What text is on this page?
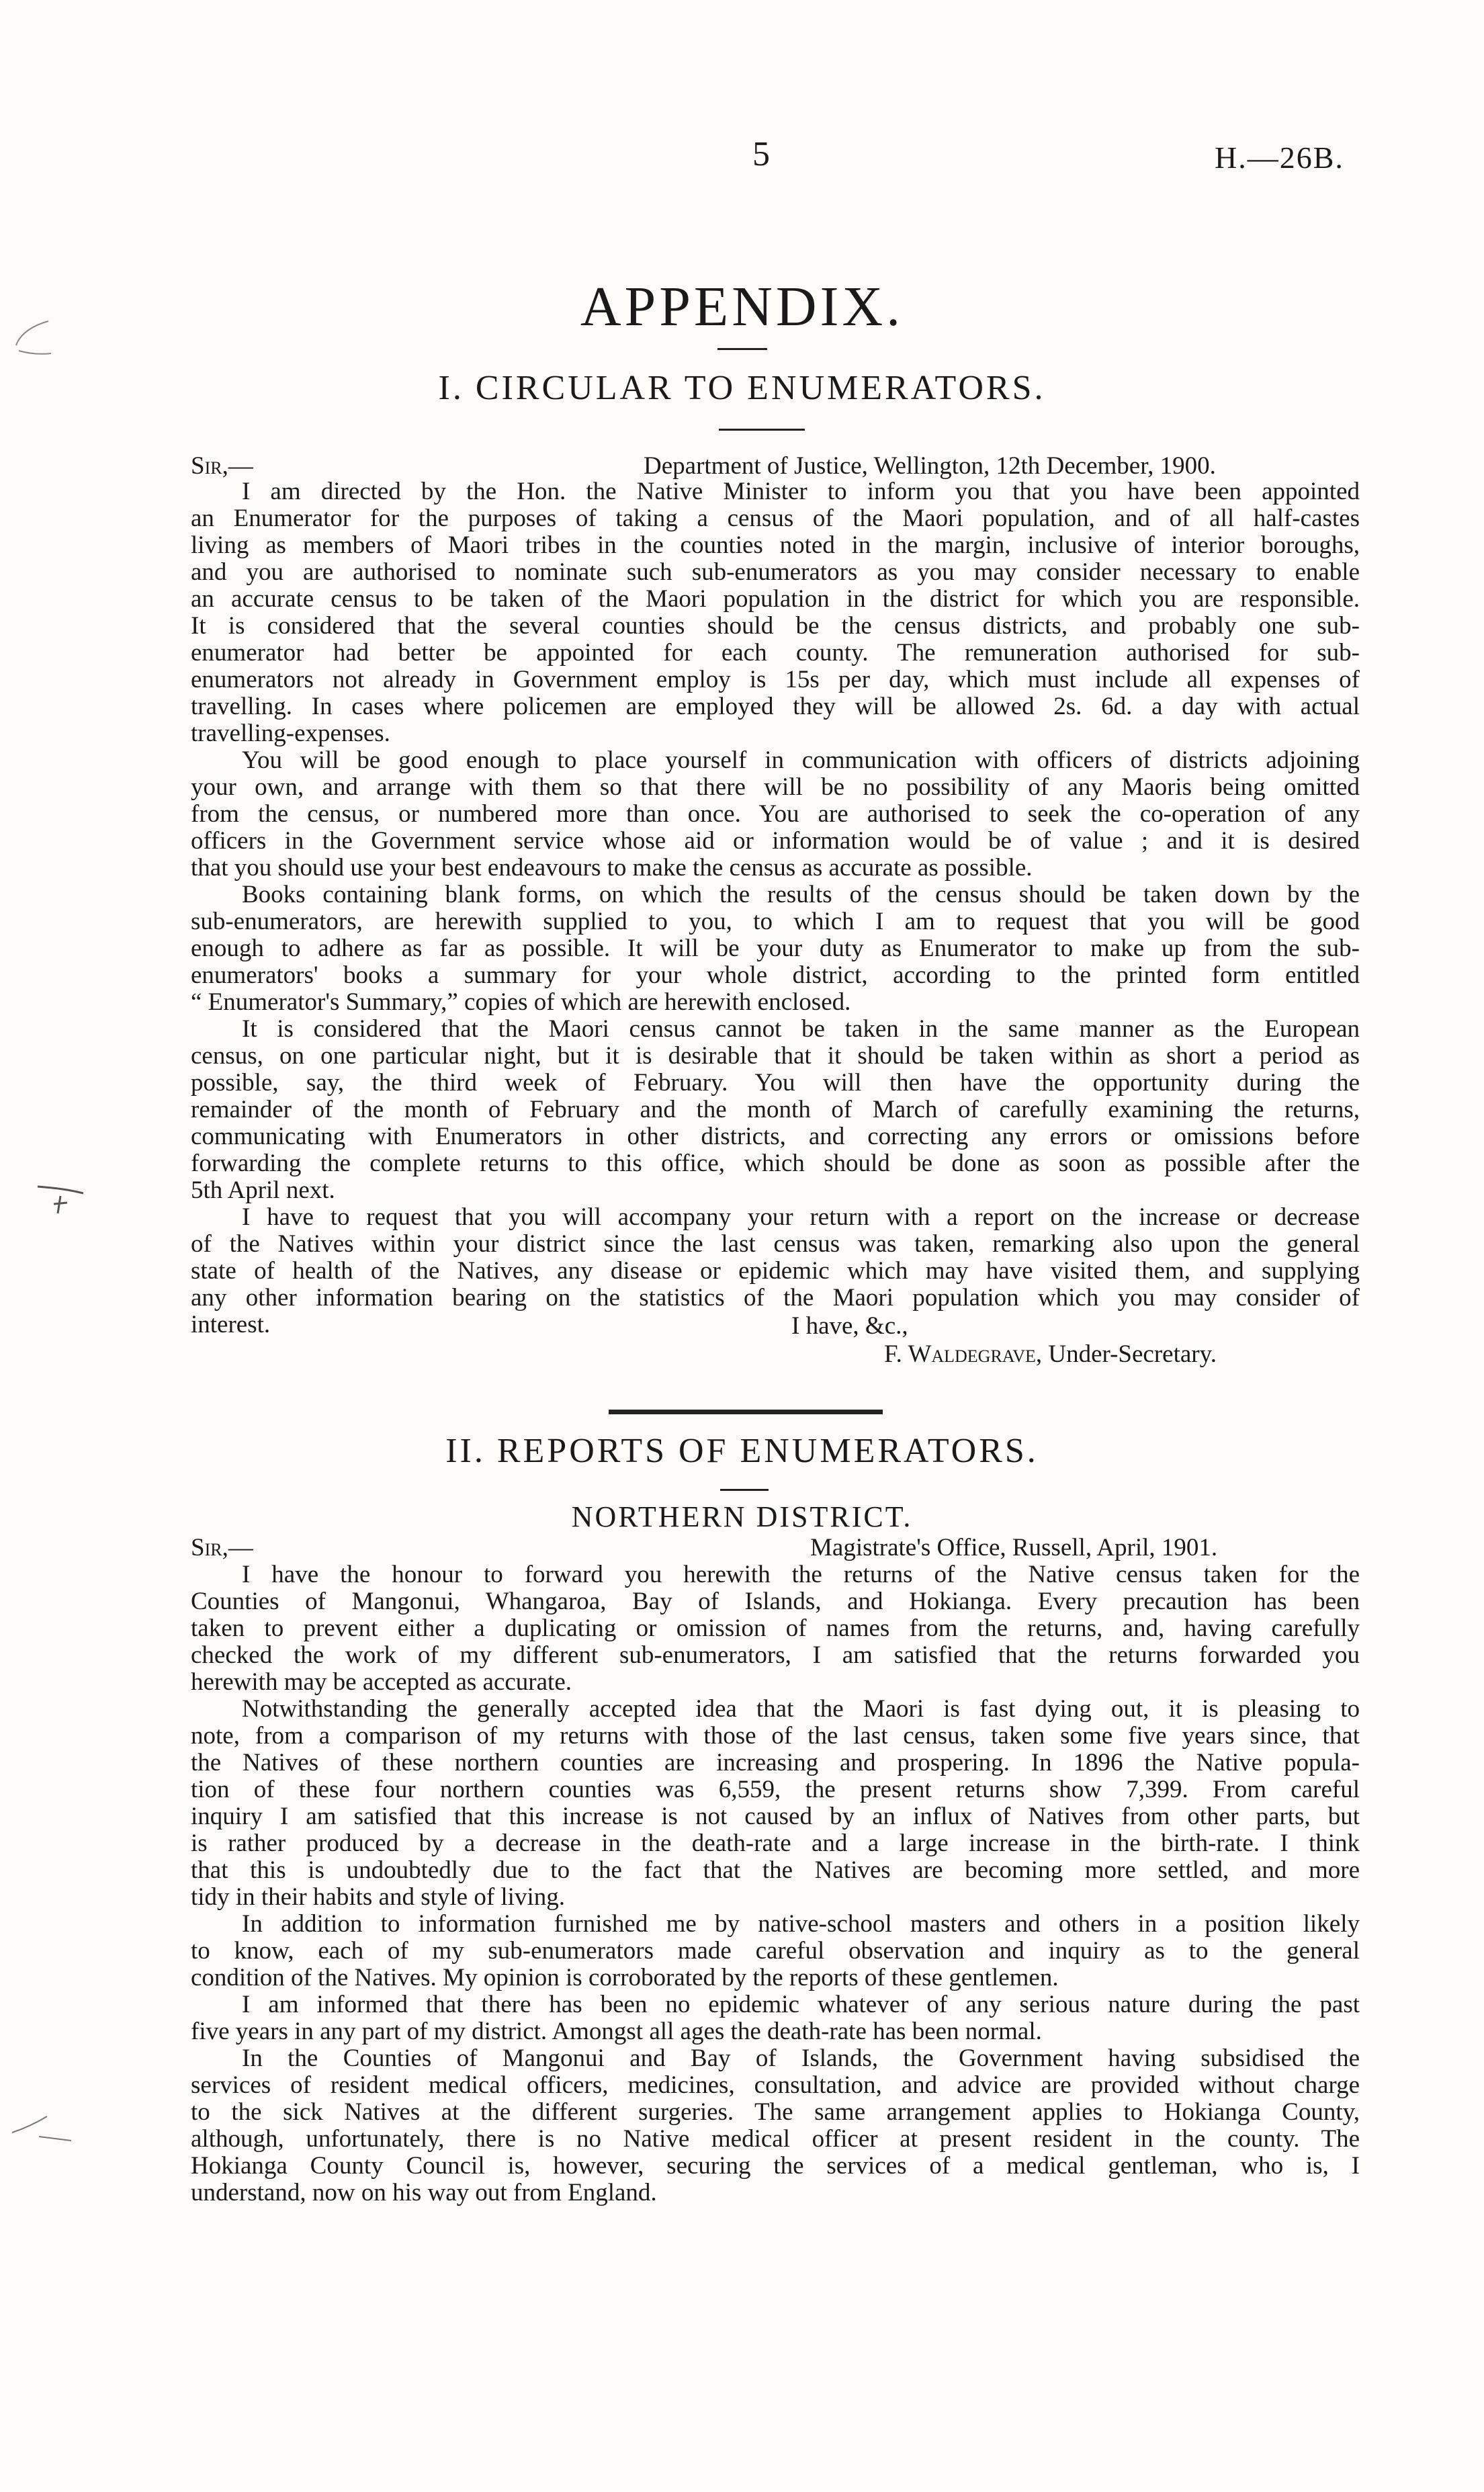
5	H.—26B.
APPENDIX.
I. CIRCULAR TO ENUMERATORS.
Sir,—	Department of Justice, Wellington, 12th December, 1900.
I am directed by the Hon. the Native Minister to inform you that you have been appointed
an Enumerator for the purposes of taking a census of the Maori population, and of all half-castes
living as members of Maori tribes in the counties noted in the margin, inclusive of interior boroughs,
and you are authorised to nominate such sub-enumerators as you may consider necessary to enable
an accurate census to be taken of the Maori population in the district for which you are responsible.
It is considered that the several counties should be the census districts, and probably one sub-
enumerator had better be appointed for each county. The remuneration authorised for sub-
enumerators not already in Government employ is 15s per day, which must include all expenses of
travelling. In cases where policemen are employed they will be allowed 2s. 6d. a day with actual
travelling-expenses.
You will be good enough to place yourself in communication with officers of districts adjoining
your own, and arrange with them so that there will be no possibility of any Maoris being omitted
from the census, or numbered more than once. You are authorised to seek the co-operation of any
officers in the Government service whose aid or information would be of value ; and it is desired
that you should use your best endeavours to make the census as accurate as possible.
Books containing blank forms, on which the results of the census should be taken down by the
sub-enumerators, are herewith supplied to you, to which I am to request that you will be good
enough to adhere as far as possible. It will be your duty as Enumerator to make up from the sub-
enumerators' books a summary for your whole district, according to the printed form entitled
“ Enumerator's Summary,” copies of which are herewith enclosed.
It is considered that the Maori census cannot be taken in the same manner as the European
census, on one particular night, but it is desirable that it should be taken within as short a period as
possible, say, the third week of February. You will then have the opportunity during the
remainder of the month of February and the month of March of carefully examining the returns,
communicating with Enumerators in other districts, and correcting any errors or omissions before
forwarding the complete returns to this office, which should be done as soon as possible after the
5th April next.
I have to request that you will accompany your return with a report on the increase or decrease
of the Natives within your district since the last census was taken, remarking also upon the general
state of health of the Natives, any disease or epidemic which may have visited them, and supplying
any other information bearing on the statistics of the Maori population which you may consider of
interest.	I have, &c.,
F. Waldegrave, Under-Secretary.
II. REPORTS OF ENUMERATORS.
NORTHERN DISTRICT.
Sir,—	Magistrate's Office, Russell, April, 1901.
I have the honour to forward you herewith the returns of the Native census taken for the
Counties of Mangonui, Whangaroa, Bay of Islands, and Hokianga. Every precaution has been
taken to prevent either a duplicating or omission of names from the returns, and, having carefully
checked the work of my different sub-enumerators, I am satisfied that the returns forwarded you
herewith may be accepted as accurate.
Notwithstanding the generally accepted idea that the Maori is fast dying out, it is pleasing to
note, from a comparison of my returns with those of the last census, taken some five years since, that
the Natives of these northern counties are increasing and prospering. In 1896 the Native popula-
tion of these four northern counties was 6,559, the present returns show 7,399. From careful
inquiry I am satisfied that this increase is not caused by an influx of Natives from other parts, but
is rather produced by a decrease in the death-rate and a large increase in the birth-rate. I think
that this is undoubtedly due to the fact that the Natives are becoming more settled, and more
tidy in their habits and style of living.
In addition to information furnished me by native-school masters and others in a position likely
to know, each of my sub-enumerators made careful observation and inquiry as to the general
condition of the Natives. My opinion is corroborated by the reports of these gentlemen.
I am informed that there has been no epidemic whatever of any serious nature during the past
five years in any part of my district. Amongst all ages the death-rate has been normal.
In the Counties of Mangonui and Bay of Islands, the Government having subsidised the
services of resident medical officers, medicines, consultation, and advice are provided without charge
to the sick Natives at the different surgeries. The same arrangement applies to Hokianga County,
although, unfortunately, there is no Native medical officer at present resident in the county. The
Hokianga County Council is, however, securing the services of a medical gentleman, who is, I
understand, now on his way out from England.
